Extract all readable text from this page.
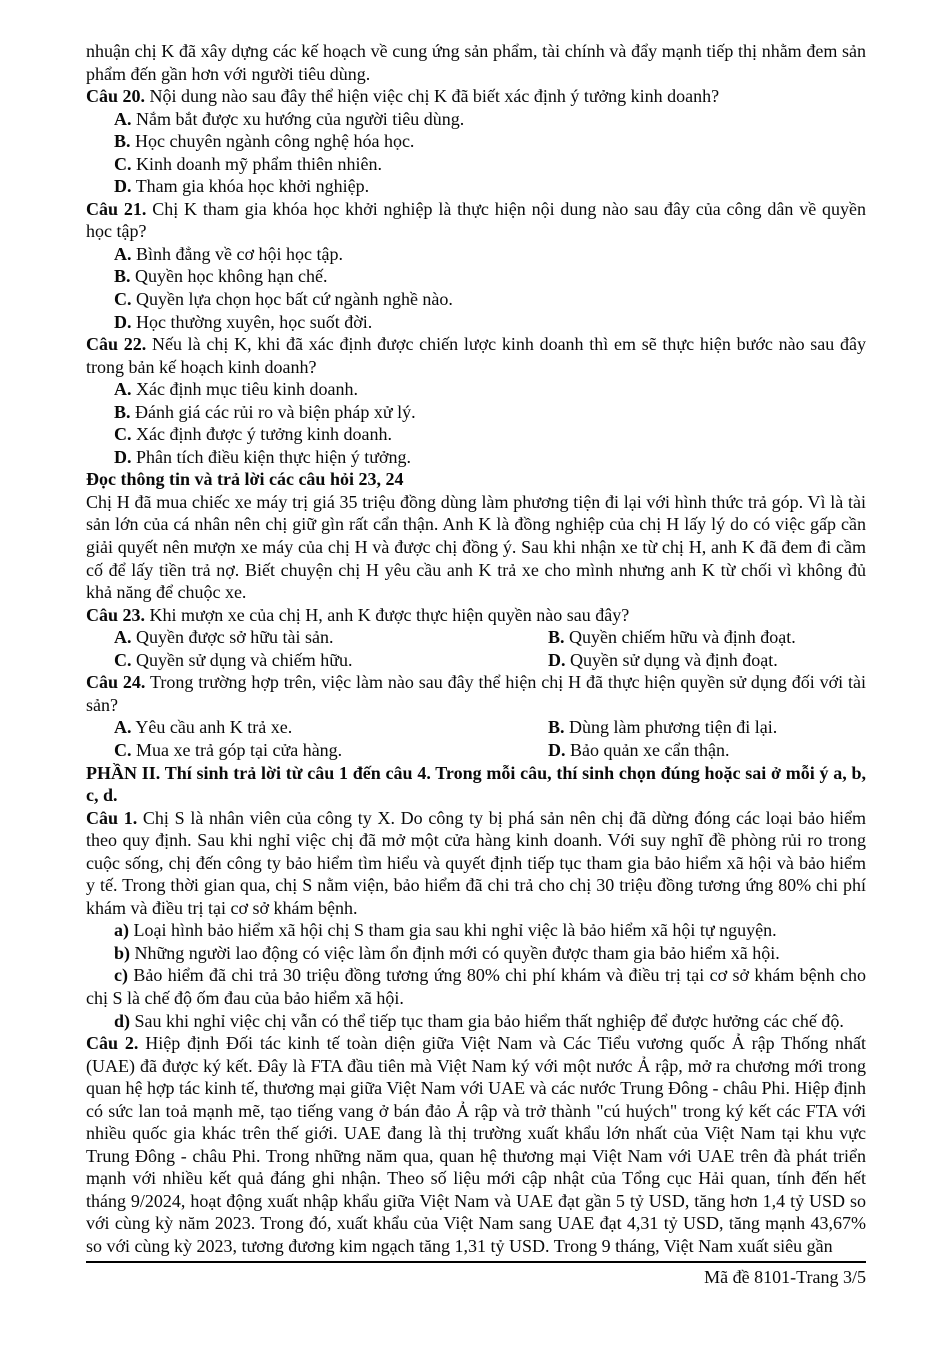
nhuận chị K đã xây dựng các kế hoạch về cung ứng sản phẩm, tài chính và đẩy mạnh tiếp thị nhằm đem sản phẩm đến gần hơn với người tiêu dùng.
Câu 20. Nội dung nào sau đây thể hiện việc chị K đã biết xác định ý tưởng kinh doanh?
A. Nắm bắt được xu hướng của người tiêu dùng.
B. Học chuyên ngành công nghệ hóa học.
C. Kinh doanh mỹ phẩm thiên nhiên.
D. Tham gia khóa học khởi nghiệp.
Câu 21. Chị K tham gia khóa học khởi nghiệp là thực hiện nội dung nào sau đây của công dân về quyền học tập?
A. Bình đẳng về cơ hội học tập.
B. Quyền học không hạn chế.
C. Quyền lựa chọn học bất cứ ngành nghề nào.
D. Học thường xuyên, học suốt đời.
Câu 22. Nếu là chị K, khi đã xác định được chiến lược kinh doanh thì em sẽ thực hiện bước nào sau đây trong bản kế hoạch kinh doanh?
A. Xác định mục tiêu kinh doanh.
B. Đánh giá các rủi ro và biện pháp xử lý.
C. Xác định được ý tưởng kinh doanh.
D. Phân tích điều kiện thực hiện ý tưởng.
Đọc thông tin và trả lời các câu hỏi 23, 24
Chị H đã mua chiếc xe máy trị giá 35 triệu đồng dùng làm phương tiện đi lại với hình thức trả góp. Vì là tài sản lớn của cá nhân nên chị giữ gìn rất cẩn thận. Anh K là đồng nghiệp của chị H lấy lý do có việc gấp cần giải quyết nên mượn xe máy của chị H và được chị đồng ý. Sau khi nhận xe từ chị H, anh K đã đem đi cầm cố để lấy tiền trả nợ. Biết chuyện chị H yêu cầu anh K trả xe cho mình nhưng anh K từ chối vì không đủ khả năng để chuộc xe.
Câu 23. Khi mượn xe của chị H, anh K được thực hiện quyền nào sau đây?
A. Quyền được sở hữu tài sản.	B. Quyền chiếm hữu và định đoạt.
C. Quyền sử dụng và chiếm hữu.	D. Quyền sử dụng và định đoạt.
Câu 24. Trong trường hợp trên, việc làm nào sau đây thể hiện chị H đã thực hiện quyền sử dụng đối với tài sản?
A. Yêu cầu anh K trả xe.	B. Dùng làm phương tiện đi lại.
C. Mua xe trả góp tại cửa hàng.	D. Bảo quản xe cẩn thận.
PHẦN II. Thí sinh trả lời từ câu 1 đến câu 4. Trong mỗi câu, thí sinh chọn đúng hoặc sai ở mỗi ý a, b, c, d.
Câu 1. Chị S là nhân viên của công ty X. Do công ty bị phá sản nên chị đã dừng đóng các loại bảo hiểm theo quy định. Sau khi nghỉ việc chị đã mở một cửa hàng kinh doanh. Với suy nghĩ đề phòng rủi ro trong cuộc sống, chị đến công ty bảo hiểm tìm hiểu và quyết định tiếp tục tham gia bảo hiểm xã hội và bảo hiểm y tế. Trong thời gian qua, chị S nằm viện, bảo hiểm đã chi trả cho chị 30 triệu đồng tương ứng 80% chi phí khám và điều trị tại cơ sở khám bệnh.
a) Loại hình bảo hiểm xã hội chị S tham gia sau khi nghỉ việc là bảo hiểm xã hội tự nguyện.
b) Những người lao động có việc làm ổn định mới có quyền được tham gia bảo hiểm xã hội.
c) Bảo hiểm đã chi trả 30 triệu đồng tương ứng 80% chi phí khám và điều trị tại cơ sở khám bệnh cho chị S là chế độ ốm đau của bảo hiểm xã hội.
d) Sau khi nghỉ việc chị vẫn có thể tiếp tục tham gia bảo hiểm thất nghiệp để được hưởng các chế độ.
Câu 2. Hiệp định Đối tác kinh tế toàn diện giữa Việt Nam và Các Tiểu vương quốc Ả rập Thống nhất (UAE) đã được ký kết. Đây là FTA đầu tiên mà Việt Nam ký với một nước Ả rập, mở ra chương mới trong quan hệ hợp tác kinh tế, thương mại giữa Việt Nam với UAE và các nước Trung Đông - châu Phi. Hiệp định có sức lan toả mạnh mẽ, tạo tiếng vang ở bán đảo Ả rập và trở thành "cú huých" trong ký kết các FTA với nhiều quốc gia khác trên thế giới. UAE đang là thị trường xuất khẩu lớn nhất của Việt Nam tại khu vực Trung Đông - châu Phi. Trong những năm qua, quan hệ thương mại Việt Nam với UAE trên đà phát triển mạnh với nhiều kết quả đáng ghi nhận. Theo số liệu mới cập nhật của Tổng cục Hải quan, tính đến hết tháng 9/2024, hoạt động xuất nhập khẩu giữa Việt Nam và UAE đạt gần 5 tỷ USD, tăng hơn 1,4 tỷ USD so với cùng kỳ năm 2023. Trong đó, xuất khẩu của Việt Nam sang UAE đạt 4,31 tỷ USD, tăng mạnh 43,67% so với cùng kỳ 2023, tương đương kim ngạch tăng 1,31 tỷ USD. Trong 9 tháng, Việt Nam xuất siêu gần
Mã đề 8101-Trang 3/5
